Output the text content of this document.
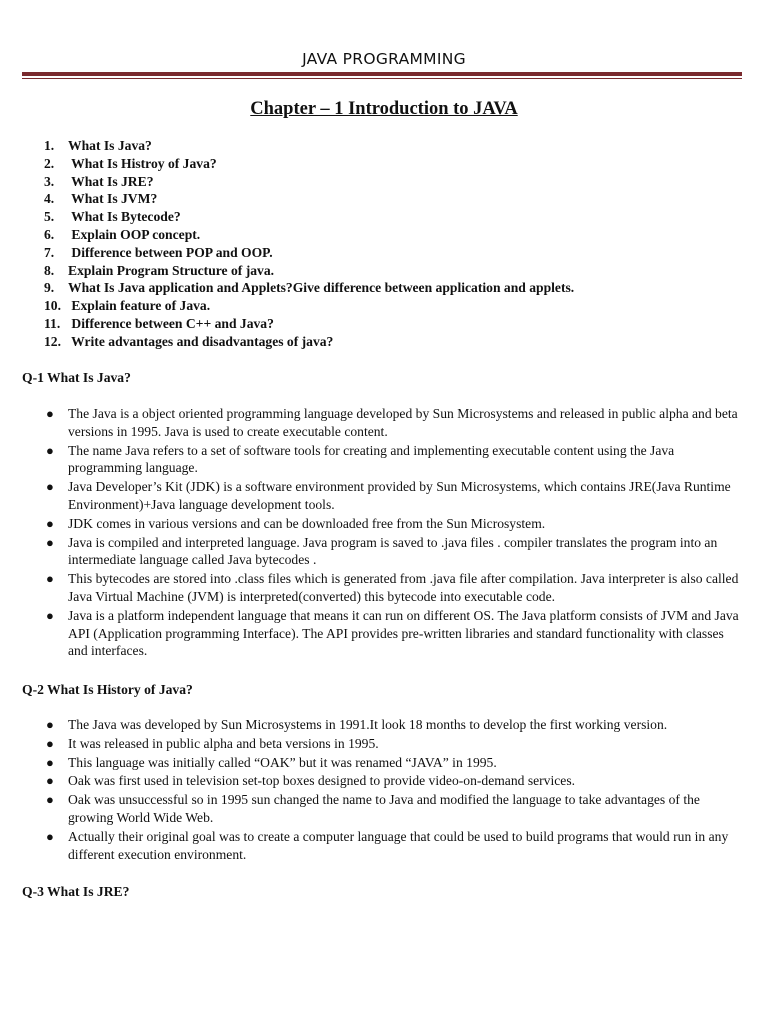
JAVA PROGRAMMING
Chapter – 1 Introduction to JAVA
1. What Is Java?
2. What Is Histroy of Java?
3. What Is JRE?
4. What Is JVM?
5. What Is Bytecode?
6. Explain OOP concept.
7. Difference between POP and OOP.
8. Explain Program Structure of java.
9. What Is Java application and Applets?Give difference between application and applets.
10. Explain feature of Java.
11. Difference between C++ and Java?
12. Write advantages and disadvantages of java?
Q-1 What Is Java?
● The Java is a object oriented programming language developed by Sun Microsystems and released in public alpha and beta versions in 1995. Java is used to create executable content.
● The name Java refers to a set of software tools for creating and implementing executable content using the Java programming language.
● Java Developer’s Kit (JDK) is a software environment provided by Sun Microsystems, which contains JRE(Java Runtime Environment)+Java language development tools.
● JDK comes in various versions and can be downloaded free from the Sun Microsystem.
● Java is compiled and interpreted language. Java program is saved to .java files . compiler translates the program into an intermediate language called Java bytecodes .
● This bytecodes are stored into .class files which is generated from .java file after compilation. Java interpreter is also called Java Virtual Machine (JVM) is interpreted(converted) this bytecode into executable code.
● Java is a platform independent language that means it can run on different OS. The Java platform consists of JVM and Java API (Application programming Interface). The API provides pre-written libraries and standard functionality with classes and interfaces.
Q-2 What Is History of Java?
● The Java was developed by Sun Microsystems in 1991.It look 18 months to develop the first working version.
● It was released in public alpha and beta versions in 1995.
● This language was initially called “OAK” but it was renamed “JAVA” in 1995.
● Oak was first used in television set-top boxes designed to provide video-on-demand services.
● Oak was unsuccessful so in 1995 sun changed the name to Java and modified the language to take advantages of the growing World Wide Web.
● Actually their original goal was to create a computer language that could be used to build programs that would run in any different execution environment.
Q-3 What Is JRE?
